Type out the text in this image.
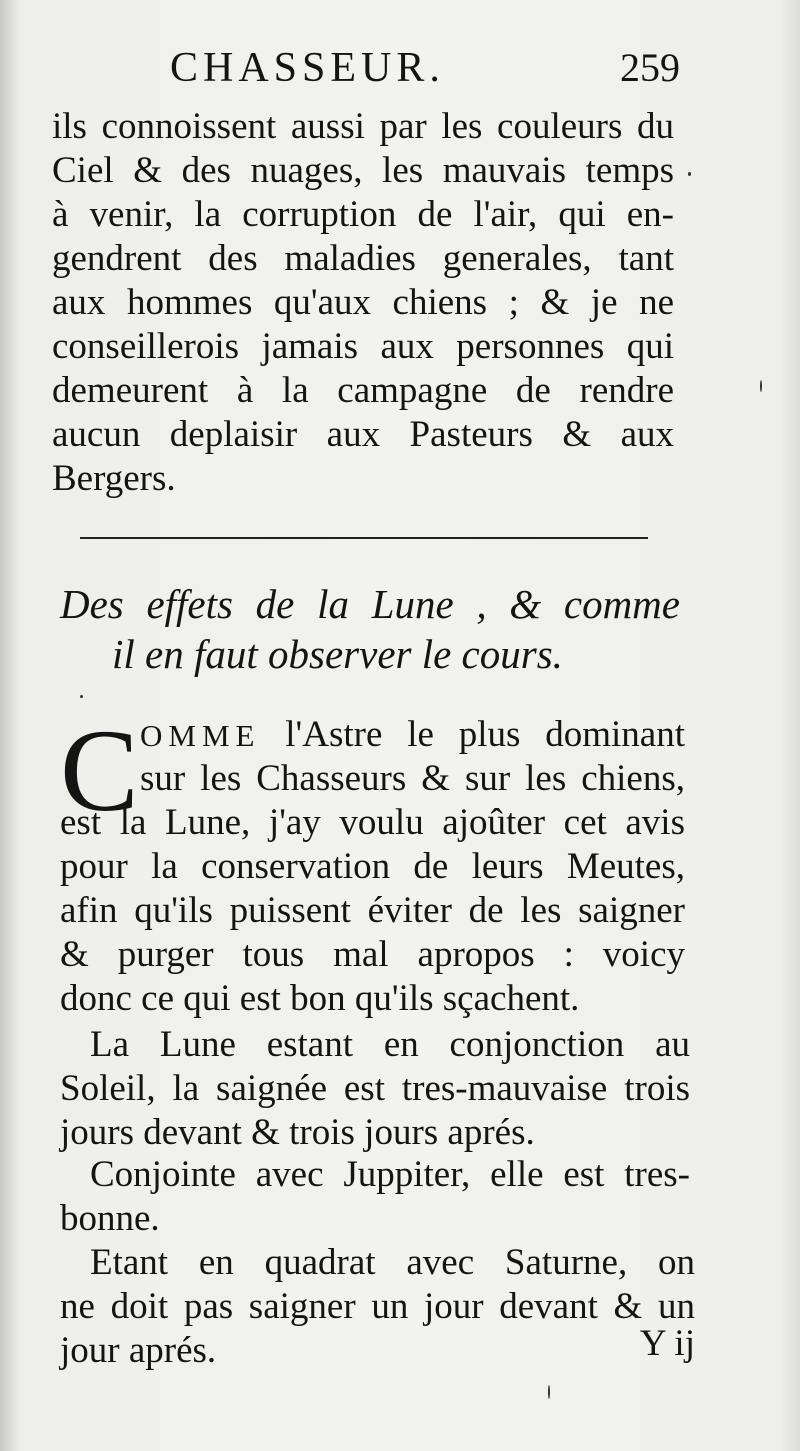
CHASSEUR.	259
ils connoissent aussi par les couleurs du
Ciel & des nuages, les mauvais temps
à venir, la corruption de l'air, qui en-
gendrent des maladies generales, tant
aux hommes qu'aux chiens ; & je ne
conseillerois jamais aux personnes qui
demeurent à la campagne de rendre
aucun deplaisir aux Pasteurs & aux
Bergers.
Des effets de la Lune , & comme
il en faut observer le cours.
C OMME l'Astre le plus dominant
sur les Chasseurs & sur les chiens,
est la Lune, j'ay voulu ajoûter cet avis
pour la conservation de leurs Meutes,
afin qu'ils puissent éviter de les saigner
& purger tous mal apropos : voicy
donc ce qui est bon qu'ils sçachent.
La Lune estant en conjonction au
Soleil, la saignée est tres-mauvaise trois
jours devant & trois jours aprés.
Conjointe avec Juppiter, elle est tres-
bonne.
Etant en quadrat avec Saturne, on
ne doit pas saigner un jour devant & un
jour aprés.	Y ij
